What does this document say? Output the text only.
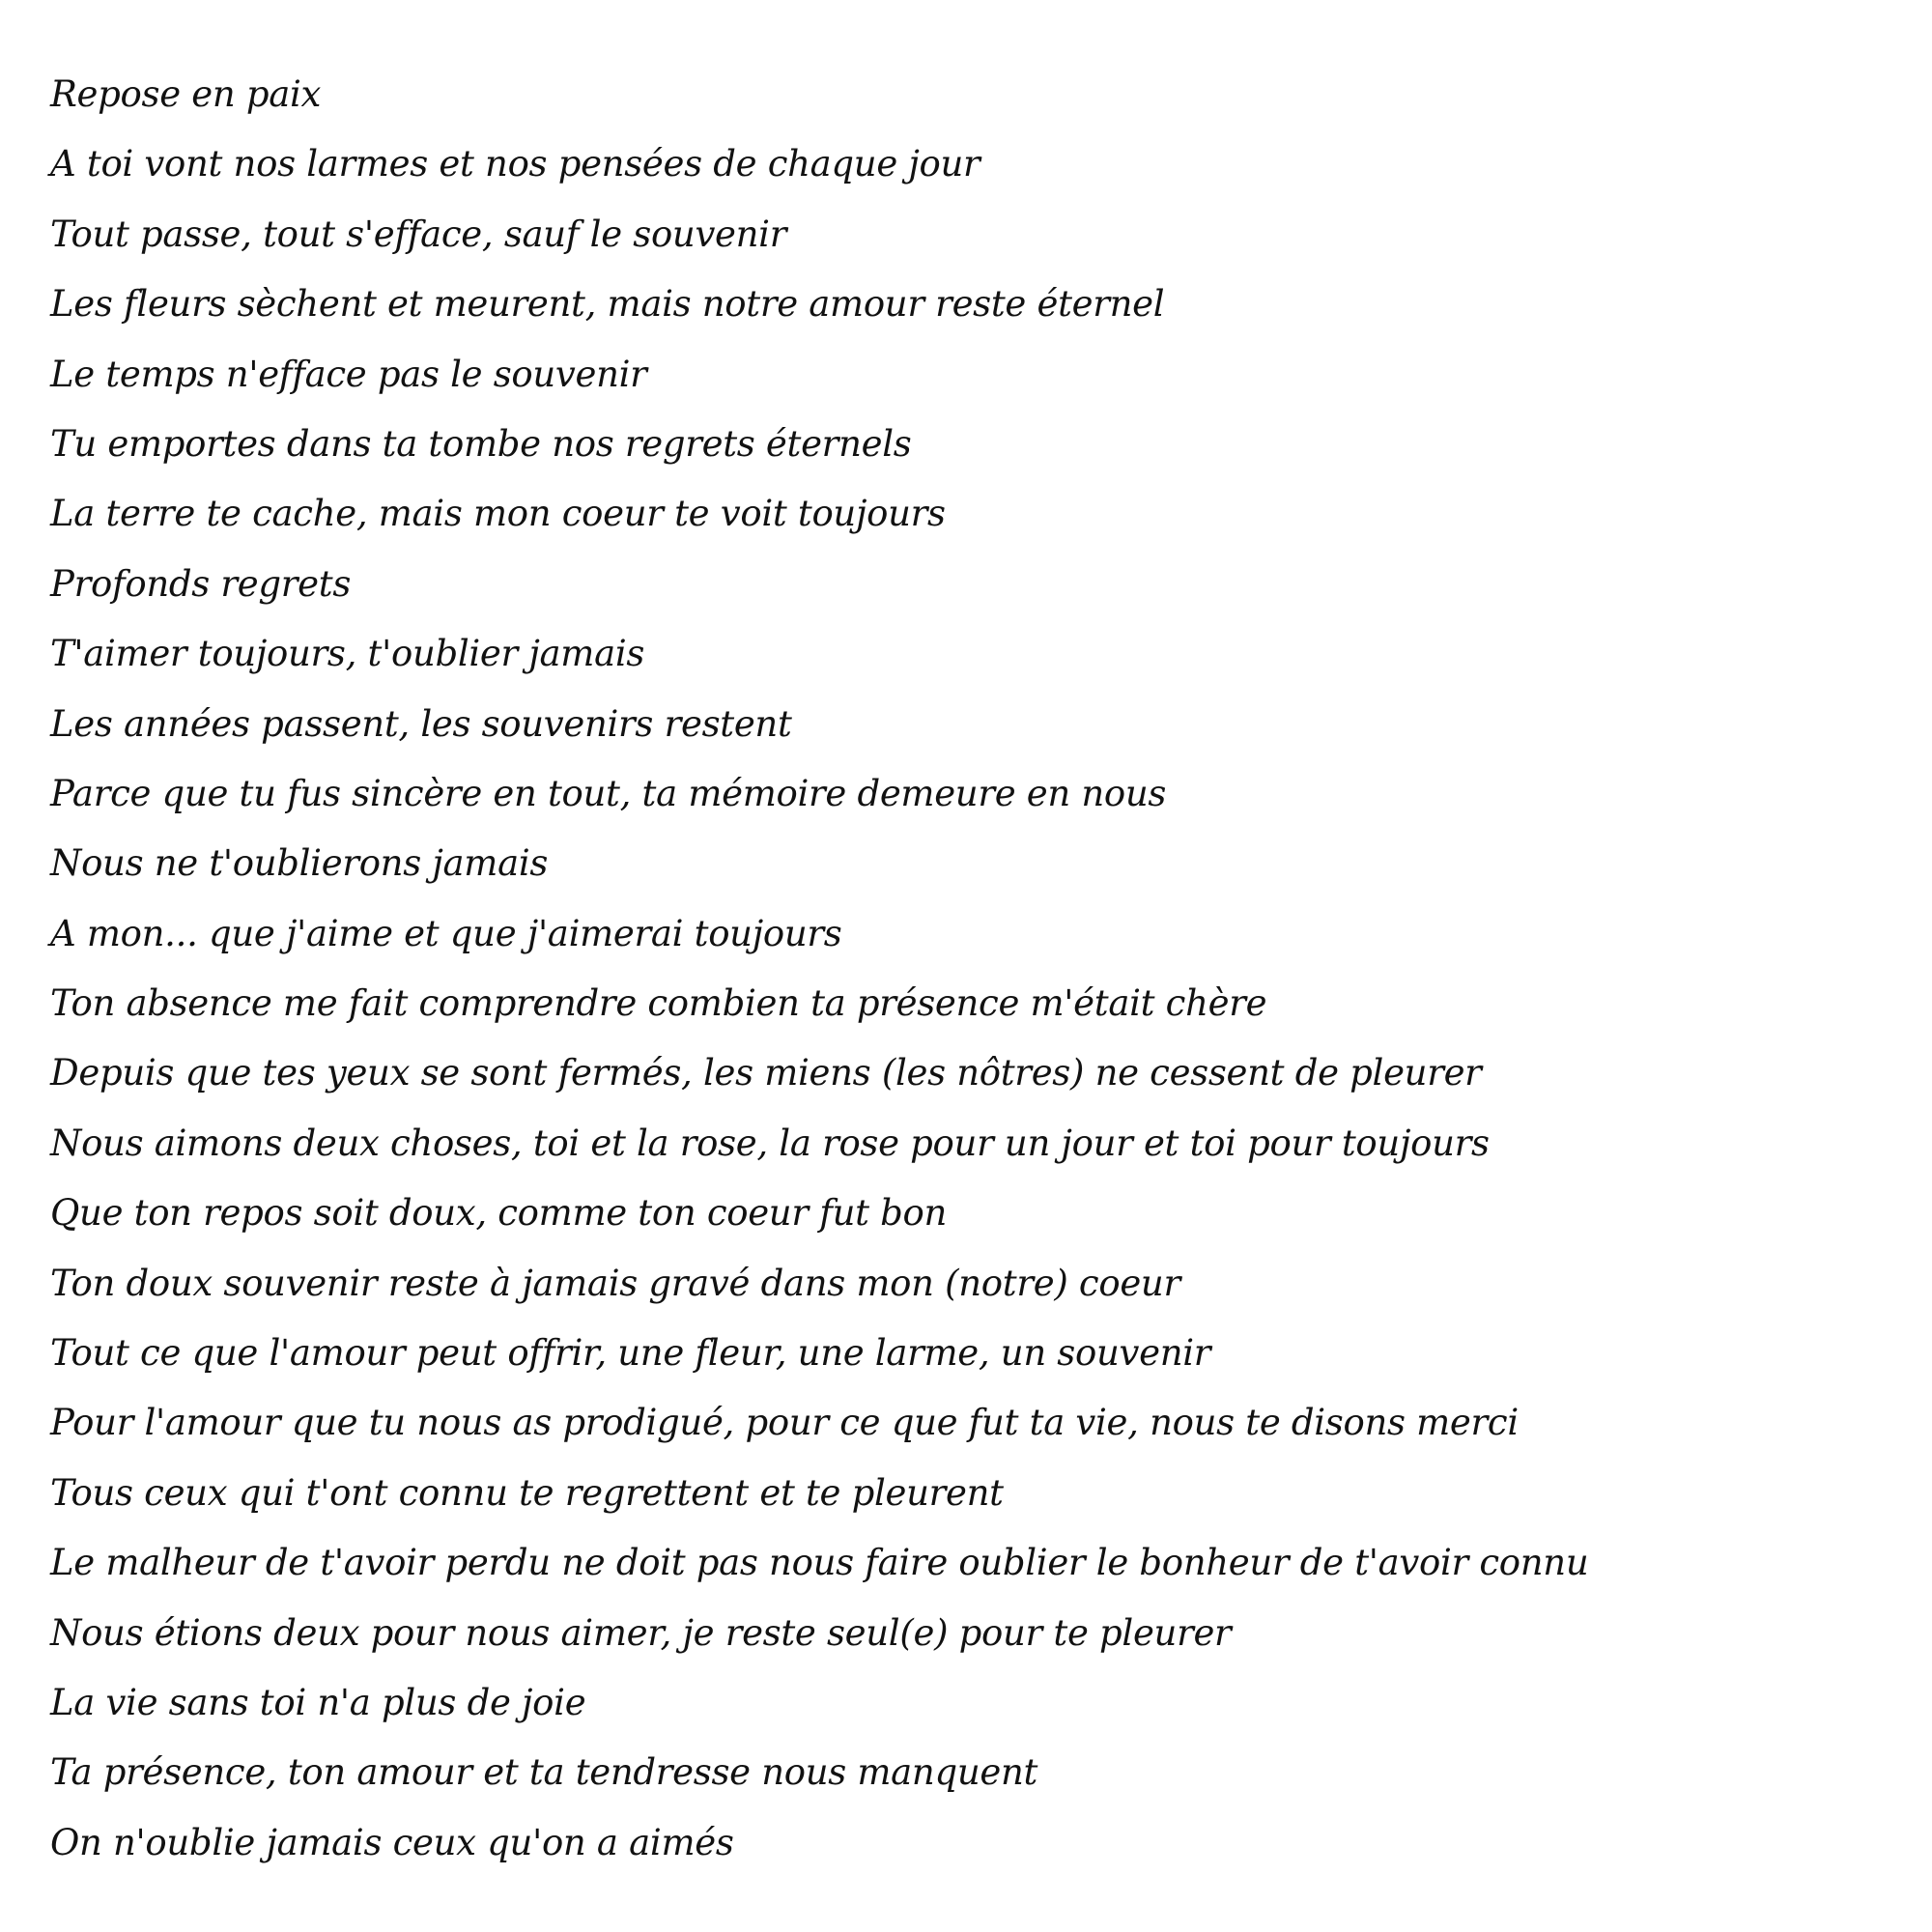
Repose en paix
A toi vont nos larmes et nos pensées de chaque jour
Tout passe, tout s'efface, sauf le souvenir
Les fleurs sèchent et meurent, mais notre amour reste éternel
Le temps n'efface pas le souvenir
Tu emportes dans ta tombe nos regrets éternels
La terre te cache, mais mon coeur te voit toujours
Profonds regrets
T'aimer toujours, t'oublier jamais
Les années passent, les souvenirs restent
Parce que tu fus sincère en tout, ta mémoire demeure en nous
Nous ne t'oublierons jamais
A mon... que j'aime et que j'aimerai toujours
Ton absence me fait comprendre combien ta présence m'était chère
Depuis que tes yeux se sont fermés, les miens (les nôtres) ne cessent de pleurer
Nous aimons deux choses, toi et la rose, la rose pour un jour et toi pour toujours
Que ton repos soit doux, comme ton coeur fut bon
Ton doux souvenir reste à jamais gravé dans mon (notre) coeur
Tout ce que l'amour peut offrir, une fleur, une larme, un souvenir
Pour l'amour que tu nous as prodigué, pour ce que fut ta vie, nous te disons merci
Tous ceux qui t'ont connu te regrettent et te pleurent
Le malheur de t'avoir perdu ne doit pas nous faire oublier le bonheur de t'avoir connu
Nous étions deux pour nous aimer, je reste seul(e) pour te pleurer
La vie sans toi n'a plus de joie
Ta présence, ton amour et ta tendresse nous manquent
On n'oublie jamais ceux qu'on a aimés
